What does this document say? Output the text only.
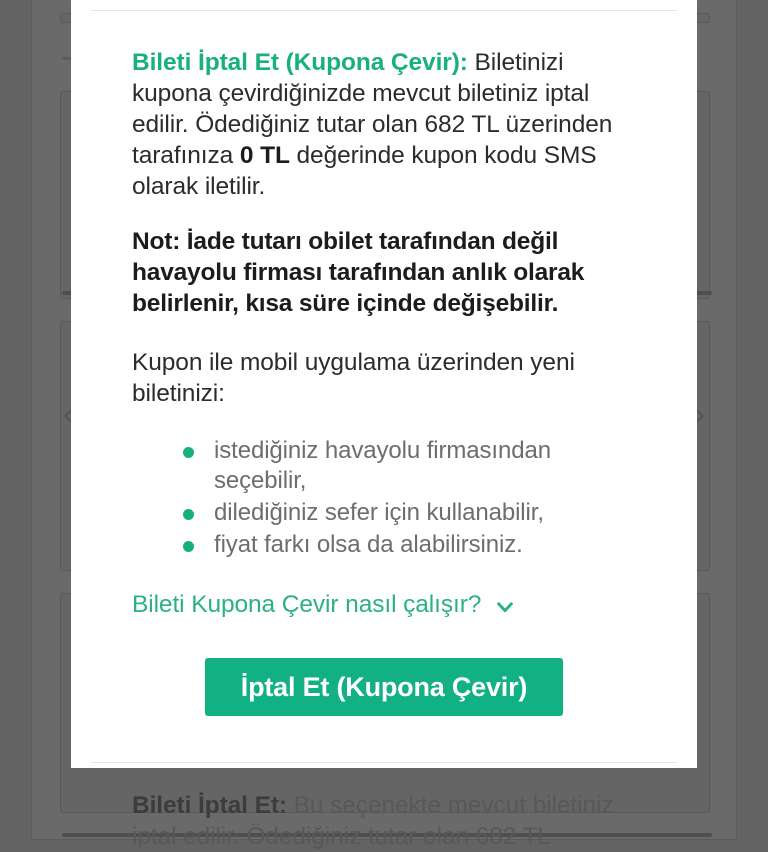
Bileti İptal Et (Kupona Çevir): Biletinizi kupona çevirdiğinizde mevcut biletiniz iptal edilir. Ödediğiniz tutar olan 682 TL üzerinden tarafınıza 0 TL değerinde kupon kodu SMS olarak iletilir.

Not: İade tutarı obilet tarafından değil havayolu firması tarafından anlık olarak belirlenir, kısa süre içinde değişebilir.

Kupon ile mobil uygulama üzerinden yeni biletinizi:

istediğiniz havayolu firmasından seçebilir,
dilediğiniz sefer için kullanabilir,
fiyat farkı olsa da alabilirsiniz.
Bileti Kupona Çevir nasıl çalışır?
İptal Et (Kupona Çevir)

Bileti İptal Et: Bu seçenekte mevcut biletiniz iptal edilir. Ödediğiniz tutar olan 682 TL
